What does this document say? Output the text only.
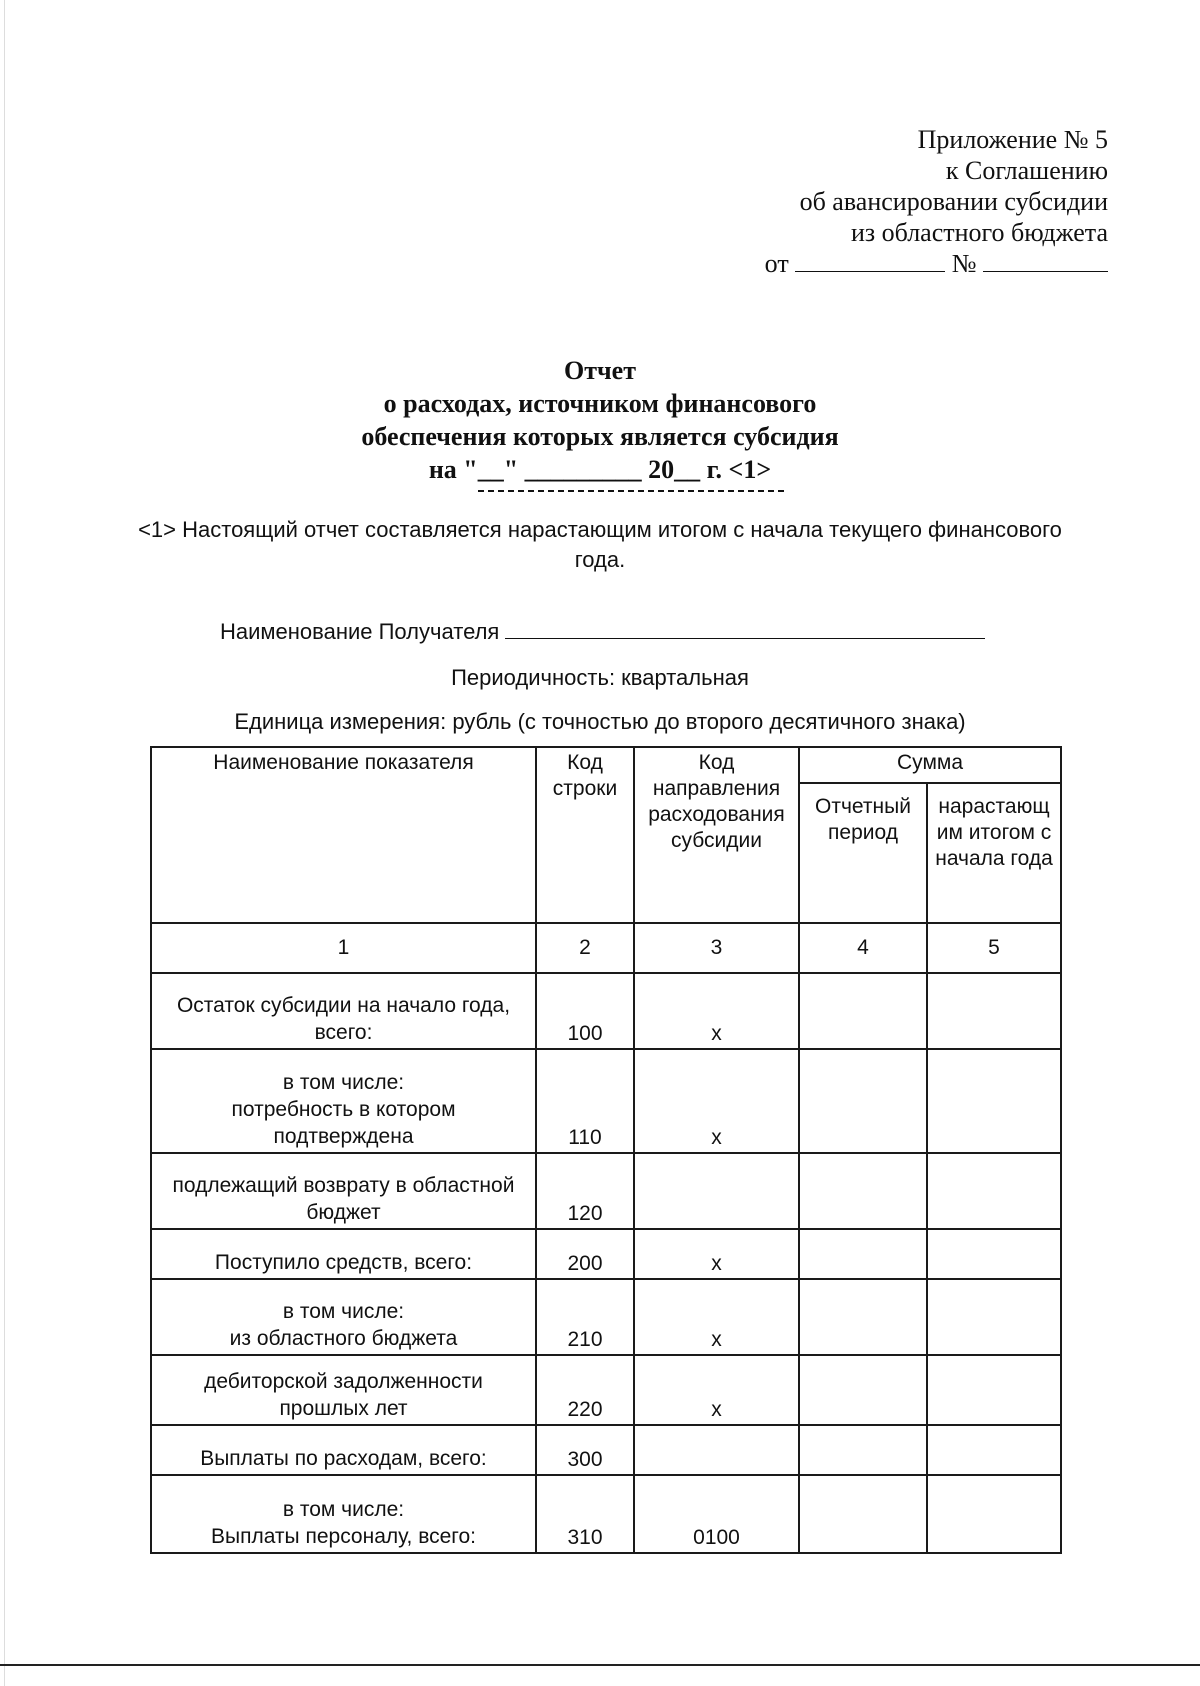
Приложение № 5
к Соглашению
об авансировании субсидии
из областного бюджета
от	№
Отчет
о расходах, источником финансового
обеспечения которых является субсидия
на "__" _________ 20__ г. <1>
<1> Настоящий отчет составляется нарастающим итогом с начала текущего финансового
года.
Наименование Получателя
Периодичность: квартальная
Единица измерения: рубль (с точностью до второго десятичного знака)
Наименование показателя	Код строки	Код направления расходования субсидии	Сумма	
			Отчетный период	нарастающ им итогом с начала года
1	2	3	4	5
Остаток субсидии на начало года,
всего:	100	x		
в том числе:
потребность в котором
подтверждена	110	x		
подлежащий возврату в областной
бюджет	120			
Поступило средств, всего:	200	x		
в том числе:
из областного бюджета	210	x		
дебиторской задолженности
прошлых лет	220	x		
Выплаты по расходам, всего:	300			
в том числе:
Выплаты персоналу, всего:	310	0100		
